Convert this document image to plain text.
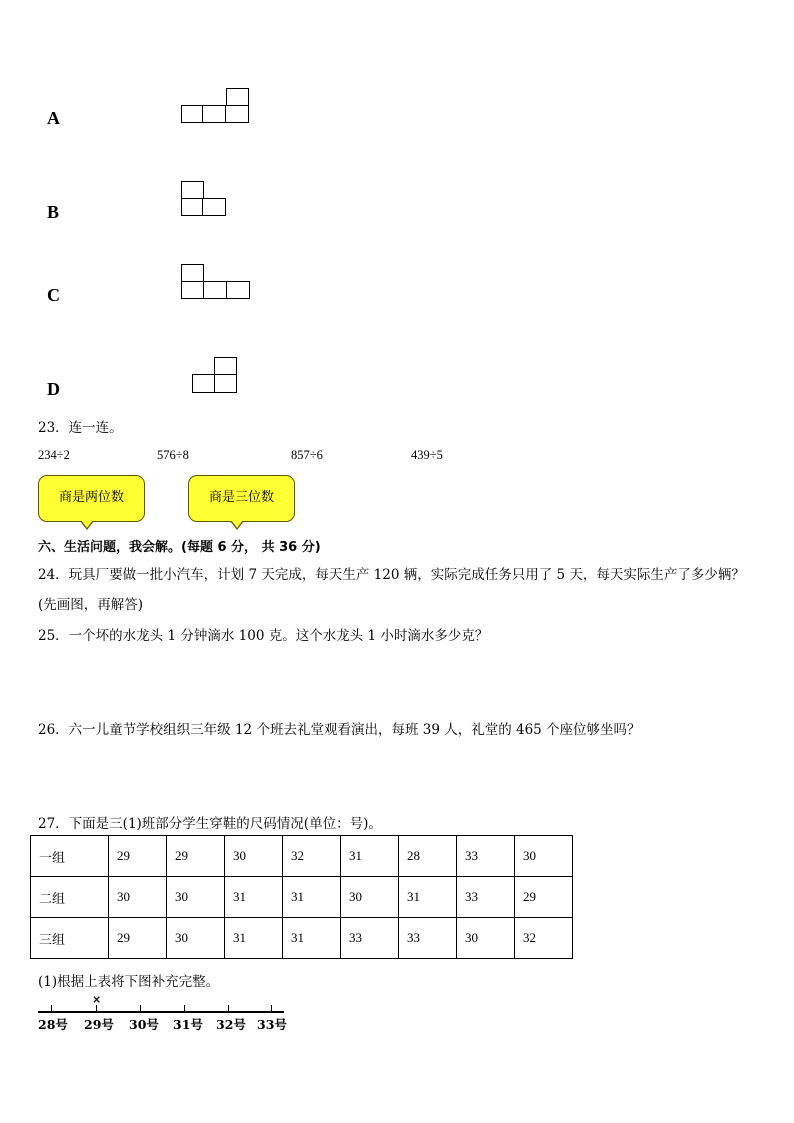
A
B
C
D
23．连一连。
234÷2	576÷8	857÷6	439÷5
商是两位数	商是三位数
六、生活问题，我会解。(每题 6 分， 共 36 分)
24．玩具厂要做一批小汽车，计划 7 天完成，每天生产 120 辆，实际完成任务只用了 5 天，每天实际生产了多少辆？
(先画图，再解答)
25．一个坏的水龙头 1 分钟滴水 100 克。这个水龙头 1 小时滴水多少克？
26．六一儿童节学校组织三年级 12 个班去礼堂观看演出，每班 39 人，礼堂的 465 个座位够坐吗？
27．下面是三(1)班部分学生穿鞋的尺码情况(单位：号)。
一组	29	29	30	32	31	28	33	30
二组	30	30	31	31	30	31	33	29
三组	29	30	31	31	33	33	30	32
(1)根据上表将下图补充完整。
×
28号 29号 30号 31号 32号 33号
